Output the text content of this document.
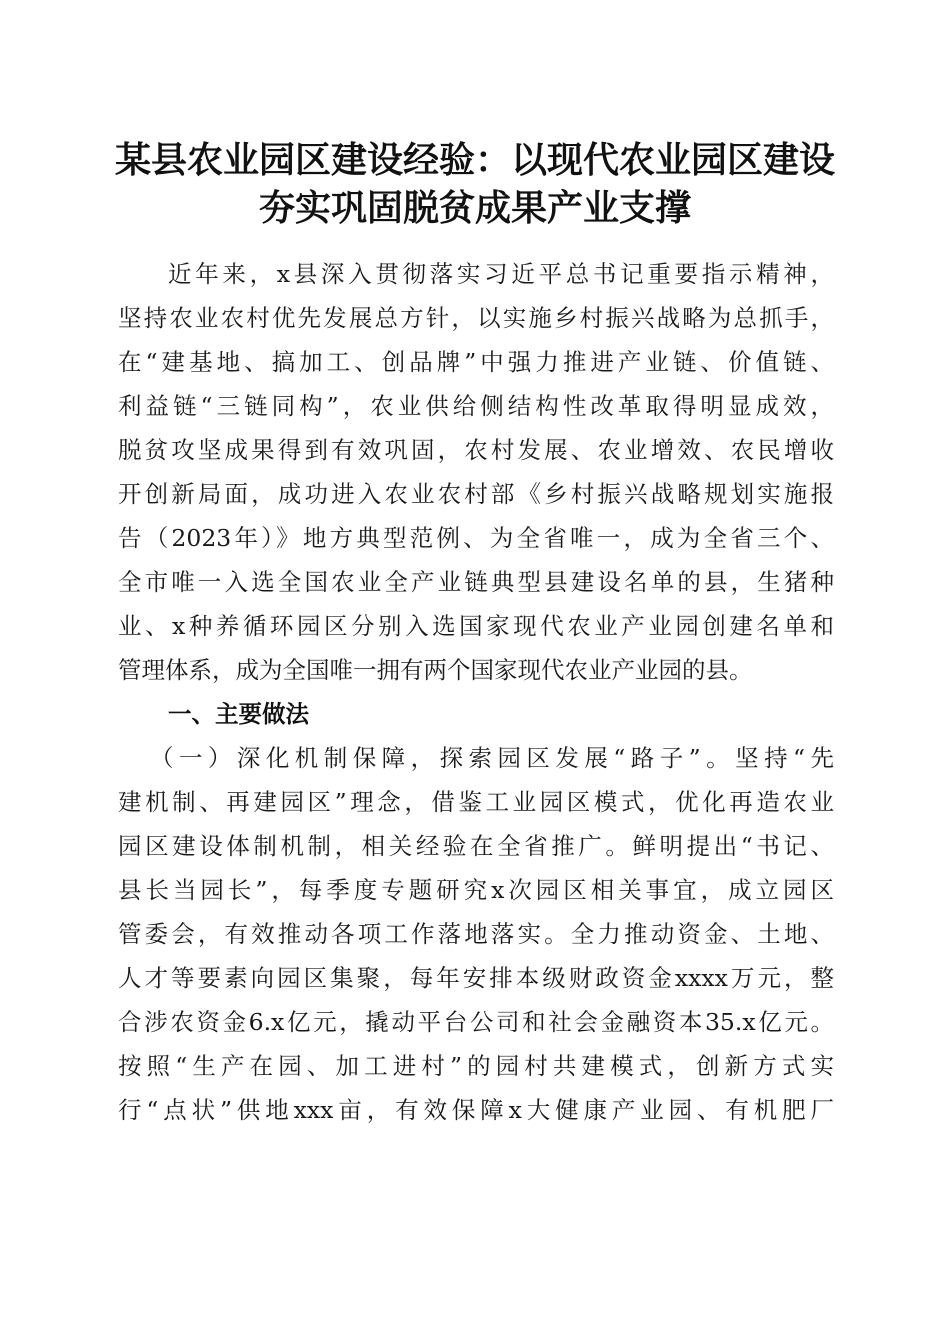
某县农业园区建设经验：以现代农业园区建设
夯实巩固脱贫成果产业支撑
近年来，x县深入贯彻落实习近平总书记重要指示精神，
坚持农业农村优先发展总方针，以实施乡村振兴战略为总抓手，
在“建基地、搞加工、创品牌”中强力推进产业链、价值链、
利益链“三链同构”，农业供给侧结构性改革取得明显成效，
脱贫攻坚成果得到有效巩固，农村发展、农业增效、农民增收
开创新局面，成功进入农业农村部《乡村振兴战略规划实施报
告（2023年）》地方典型范例、为全省唯一，成为全省三个、
全市唯一入选全国农业全产业链典型县建设名单的县，生猪种
业、x种养循环园区分别入选国家现代农业产业园创建名单和
管理体系，成为全国唯一拥有两个国家现代农业产业园的县。
一、主要做法
（一）深化机制保障，探索园区发展“路子”。坚持“先
建机制、再建园区”理念，借鉴工业园区模式，优化再造农业
园区建设体制机制，相关经验在全省推广。鲜明提出“书记、
县长当园长”，每季度专题研究x次园区相关事宜，成立园区
管委会，有效推动各项工作落地落实。全力推动资金、土地、
人才等要素向园区集聚，每年安排本级财政资金xxxx万元，整
合涉农资金6.x亿元，撬动平台公司和社会金融资本35.x亿元。
按照“生产在园、加工进村”的园村共建模式，创新方式实
行“点状”供地xxx亩，有效保障x大健康产业园、有机肥厂
